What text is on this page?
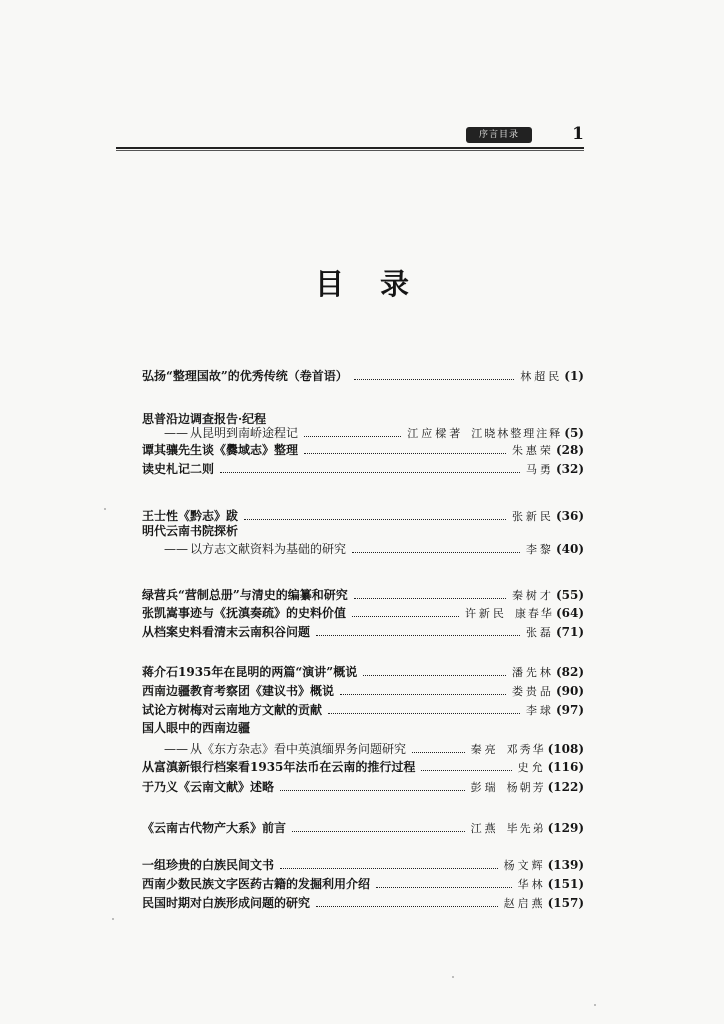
序言目录	1
目录
弘扬“整理国故”的优秀传统（卷首语）	林超民 (1)
思普沿边调查报告·纪程
—— 从昆明到南峤途程记	江应樑著 江晓林整理注释 (5)
谭其骧先生谈《爨域志》整理	朱惠荣 (28)
读史札记二则	马勇 (32)
王士性《黔志》跋	张新民 (36)
明代云南书院探析
—— 以方志文献资料为基础的研究	李黎 (40)
绿营兵“营制总册”与清史的编纂和研究	秦树才 (55)
张凯嵩事迹与《抚滇奏疏》的史料价值	许新民 康春华 (64)
从档案史料看清末云南积谷问题	张磊 (71)
蒋介石1935年在昆明的两篇“演讲”概说	潘先林 (82)
西南边疆教育考察团《建议书》概说	娄贵品 (90)
试论方树梅对云南地方文献的贡献	李球 (97)
国人眼中的西南边疆
—— 从《东方杂志》看中英滇缅界务问题研究	秦亮 邓秀华 (108)
从富滇新银行档案看1935年法币在云南的推行过程	史允 (116)
于乃义《云南文献》述略	彭瑞 杨朝芳 (122)
《云南古代物产大系》前言	江燕 毕先弟 (129)
一组珍贵的白族民间文书	杨文辉 (139)
西南少数民族文字医药古籍的发掘利用介绍	华林 (151)
民国时期对白族形成问题的研究	赵启燕 (157)
